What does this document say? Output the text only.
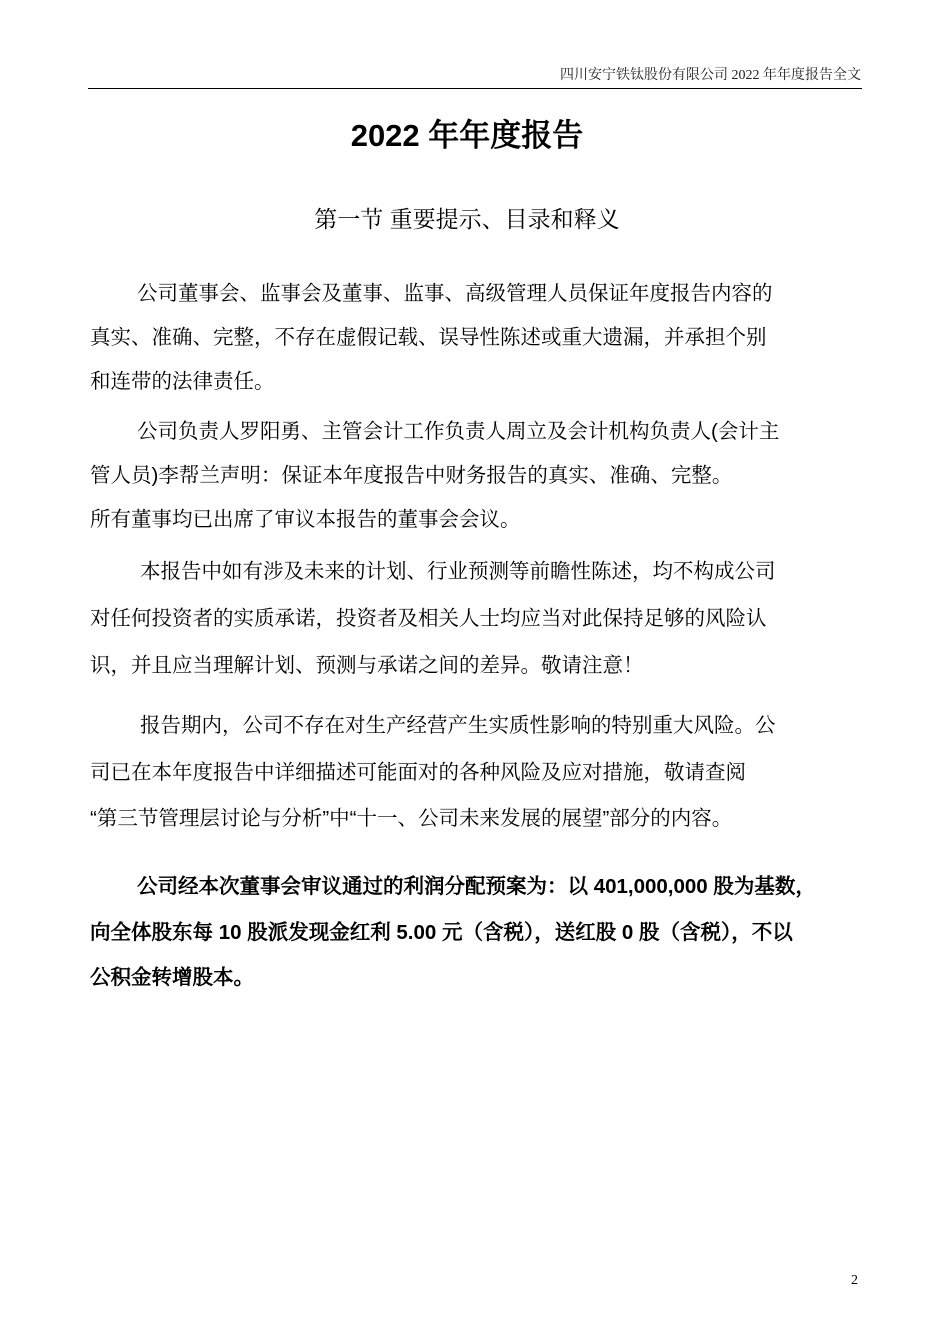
四川安宁铁钛股份有限公司 2022 年年度报告全文
2022 年年度报告
第一节 重要提示、目录和释义
公司董事会、监事会及董事、监事、高级管理人员保证年度报告内容的
真实、准确、完整，不存在虚假记载、误导性陈述或重大遗漏，并承担个别
和连带的法律责任。
公司负责人罗阳勇、主管会计工作负责人周立及会计机构负责人(会计主
管人员)李帮兰声明：保证本年度报告中财务报告的真实、准确、完整。
所有董事均已出席了审议本报告的董事会会议。
本报告中如有涉及未来的计划、行业预测等前瞻性陈述，均不构成公司
对任何投资者的实质承诺，投资者及相关人士均应当对此保持足够的风险认
识，并且应当理解计划、预测与承诺之间的差异。敬请注意！
报告期内，公司不存在对生产经营产生实质性影响的特别重大风险。公
司已在本年度报告中详细描述可能面对的各种风险及应对措施，敬请查阅
“第三节管理层讨论与分析”中“十一、公司未来发展的展望”部分的内容。
公司经本次董事会审议通过的利润分配预案为：以 401,000,000 股为基数，
向全体股东每 10 股派发现金红利 5.00 元（含税），送红股 0 股（含税），不以
公积金转增股本。
2
